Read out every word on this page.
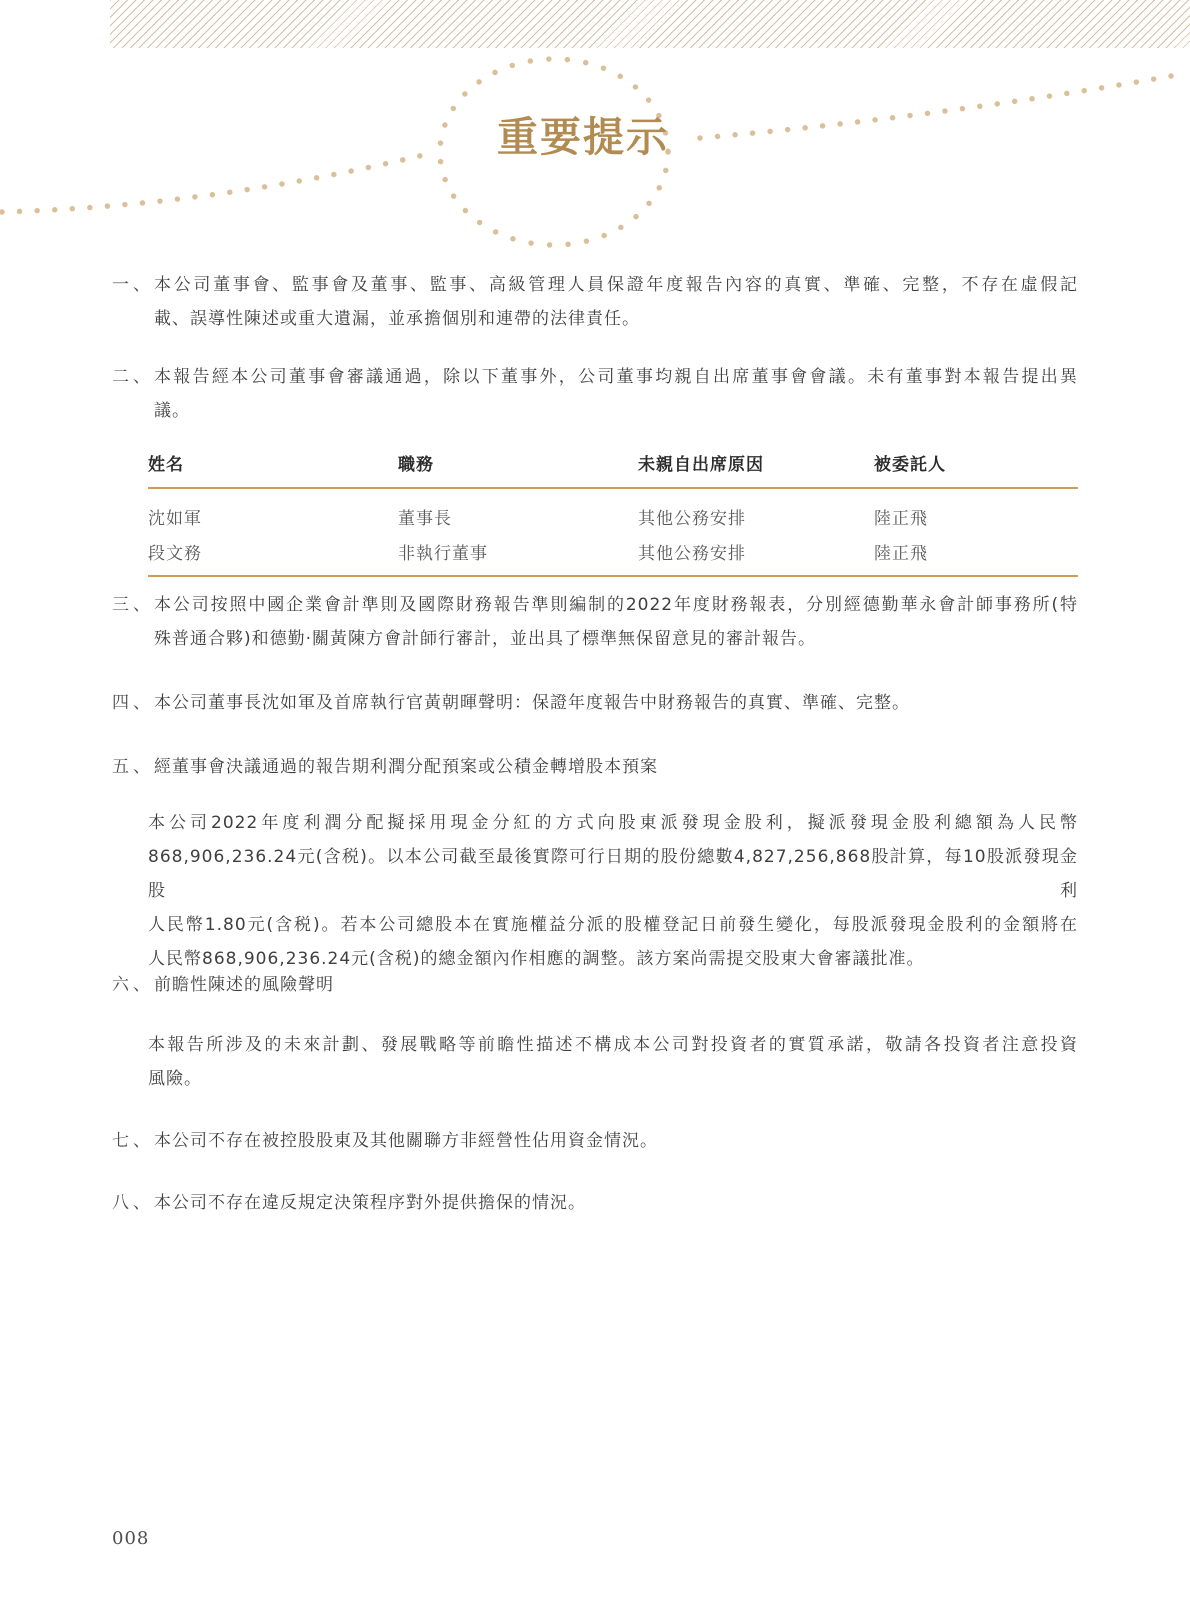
重要提示
一、 本公司董事會、監事會及董事、監事、高級管理人員保證年度報告內容的真實、準確、完整，不存在虛假記
載、誤導性陳述或重大遺漏，並承擔個別和連帶的法律責任。
二、 本報告經本公司董事會審議通過，除以下董事外，公司董事均親自出席董事會會議。未有董事對本報告提出異
議。
姓名	職務	未親自出席原因	被委託人
沈如軍	董事長	其他公務安排	陸正飛
段文務	非執行董事	其他公務安排	陸正飛
三、 本公司按照中國企業會計準則及國際財務報告準則編制的2022年度財務報表，分別經德勤華永會計師事務所(特
殊普通合夥)和德勤·關黃陳方會計師行審計，並出具了標準無保留意見的審計報告。
四、 本公司董事長沈如軍及首席執行官黃朝暉聲明：保證年度報告中財務報告的真實、準確、完整。
五、 經董事會決議通過的報告期利潤分配預案或公積金轉增股本預案
本公司2022年度利潤分配擬採用現金分紅的方式向股東派發現金股利，擬派發現金股利總額為人民幣
868,906,236.24元(含税)。以本公司截至最後實際可行日期的股份總數4,827,256,868股計算，每10股派發現金股利
人民幣1.80元(含税)。若本公司總股本在實施權益分派的股權登記日前發生變化，每股派發現金股利的金額將在
人民幣868,906,236.24元(含税)的總金額內作相應的調整。該方案尚需提交股東大會審議批准。
六、 前瞻性陳述的風險聲明
本報告所涉及的未來計劃、發展戰略等前瞻性描述不構成本公司對投資者的實質承諾，敬請各投資者注意投資
風險。
七、 本公司不存在被控股股東及其他關聯方非經營性佔用資金情況。
八、 本公司不存在違反規定決策程序對外提供擔保的情況。
008
